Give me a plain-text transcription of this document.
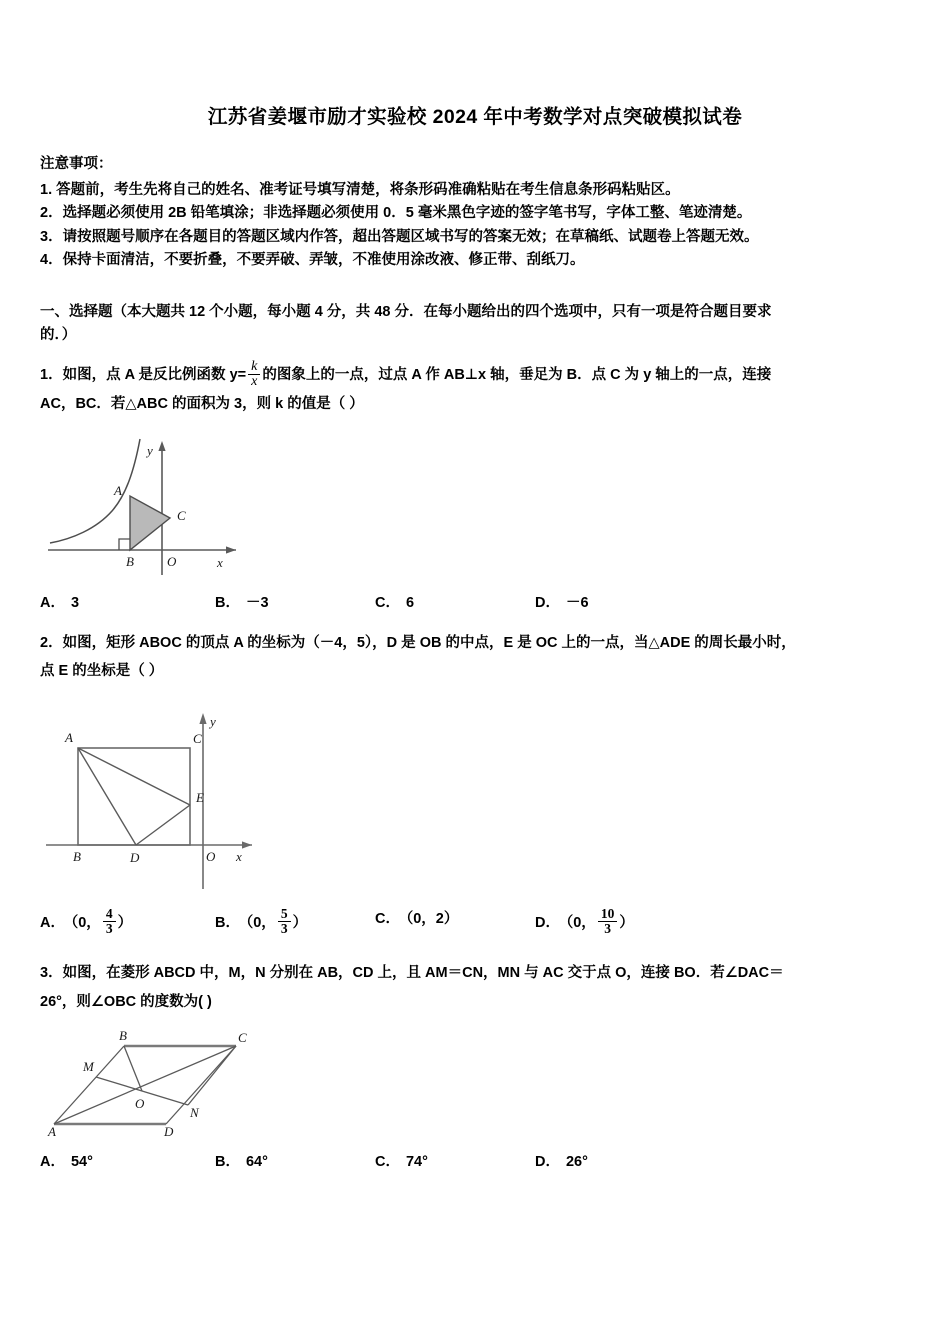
江苏省姜堰市励才实验校 2024 年中考数学对点突破模拟试卷
注意事项：
1. 答题前，考生先将自己的姓名、准考证号填写清楚，将条形码准确粘贴在考生信息条形码粘贴区。
2．选择题必须使用 2B 铅笔填涂；非选择题必须使用 0．5 毫米黑色字迹的签字笔书写，字体工整、笔迹清楚。
3．请按照题号顺序在各题目的答题区域内作答，超出答题区域书写的答案无效；在草稿纸、试题卷上答题无效。
4．保持卡面清洁，不要折叠，不要弄破、弄皱，不准使用涂改液、修正带、刮纸刀。
一、选择题（本大题共 12 个小题，每小题 4 分，共 48 分．在每小题给出的四个选项中，只有一项是符合题目要求
的．）
1．如图，点 A 是反比例函数 $y= \frac{k}{x}$ 的图象上的一点，过点 A 作 AB⊥x 轴，垂足为 B．点 C 为 y 轴上的一点，连接
AC，BC．若△ABC 的面积为 3，则 k 的值是（ ）
A
B
C
O	x
y
A． 3	B． －3	C． 6	D． －6
2．如图，矩形 ABOC 的顶点 A 的坐标为（－4，5），D 是 OB 的中点，E 是 OC 上的一点，当△ADE 的周长最小时，
点 E 的坐标是（ ）
A
B
C
D
E
O x
y
A． （0， $\frac{4}{3}$ ）	B． （0， $\frac{5}{3}$ ）	C． （0，2）	D． （0， $\frac{10}{3}$ ）
3．如图，在菱形 ABCD 中，M，N 分别在 AB，CD 上，且 AM＝CN，MN 与 AC 交于点 O，连接 BO．若∠DAC＝
26°，则∠OBC 的度数为( )
A
B	C
D
M
N
O
A． 54°	B． 64°	C． 74°	D． 26°
